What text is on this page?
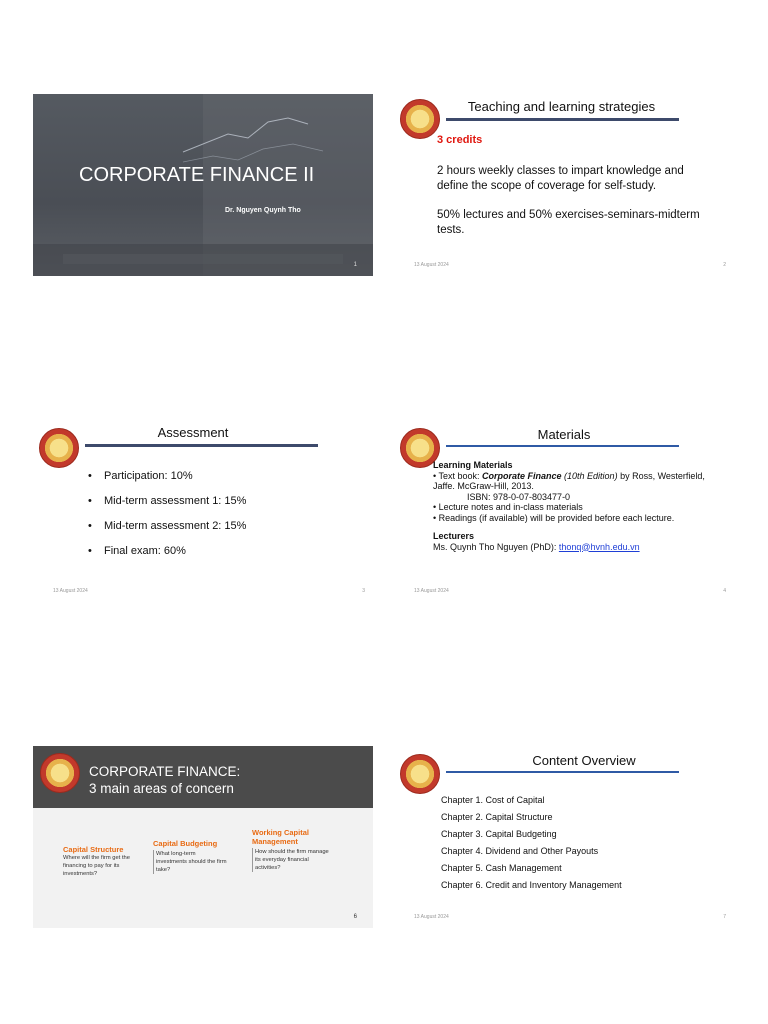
CORPORATE FINANCE II
Dr. Nguyen Quynh Tho
1
Teaching and learning strategies
3 credits
2 hours weekly classes to impart knowledge and define the scope of coverage for self-study.
50% lectures and 50% exercises-seminars-midterm tests.
13 August 2024	2
Assessment
• Participation: 10%
• Mid-term assessment 1: 15%
• Mid-term assessment 2: 15%
• Final exam: 60%
13 August 2024	3
Materials
Learning Materials
• Text book: Corporate Finance (10th Edition) by Ross, Westerfield, Jaffe. McGraw-Hill, 2013.
ISBN: 978-0-07-803477-0
• Lecture notes and in-class materials
• Readings (if available) will be provided before each lecture.
Lecturers
Ms. Quynh Tho Nguyen (PhD): thonq@hvnh.edu.vn
13 August 2024	4
CORPORATE FINANCE:
3 main areas of concern
Capital Structure
Where will the firm get the financing to pay for its investments?
Capital Budgeting
What long-term investments should the firm take?
Working Capital Management
How should the firm manage its everyday financial activities?
6
Content Overview
Chapter 1. Cost of Capital
Chapter 2. Capital Structure
Chapter 3. Capital Budgeting
Chapter 4. Dividend and Other Payouts
Chapter 5. Cash Management
Chapter 6. Credit and Inventory Management
13 August 2024	7
